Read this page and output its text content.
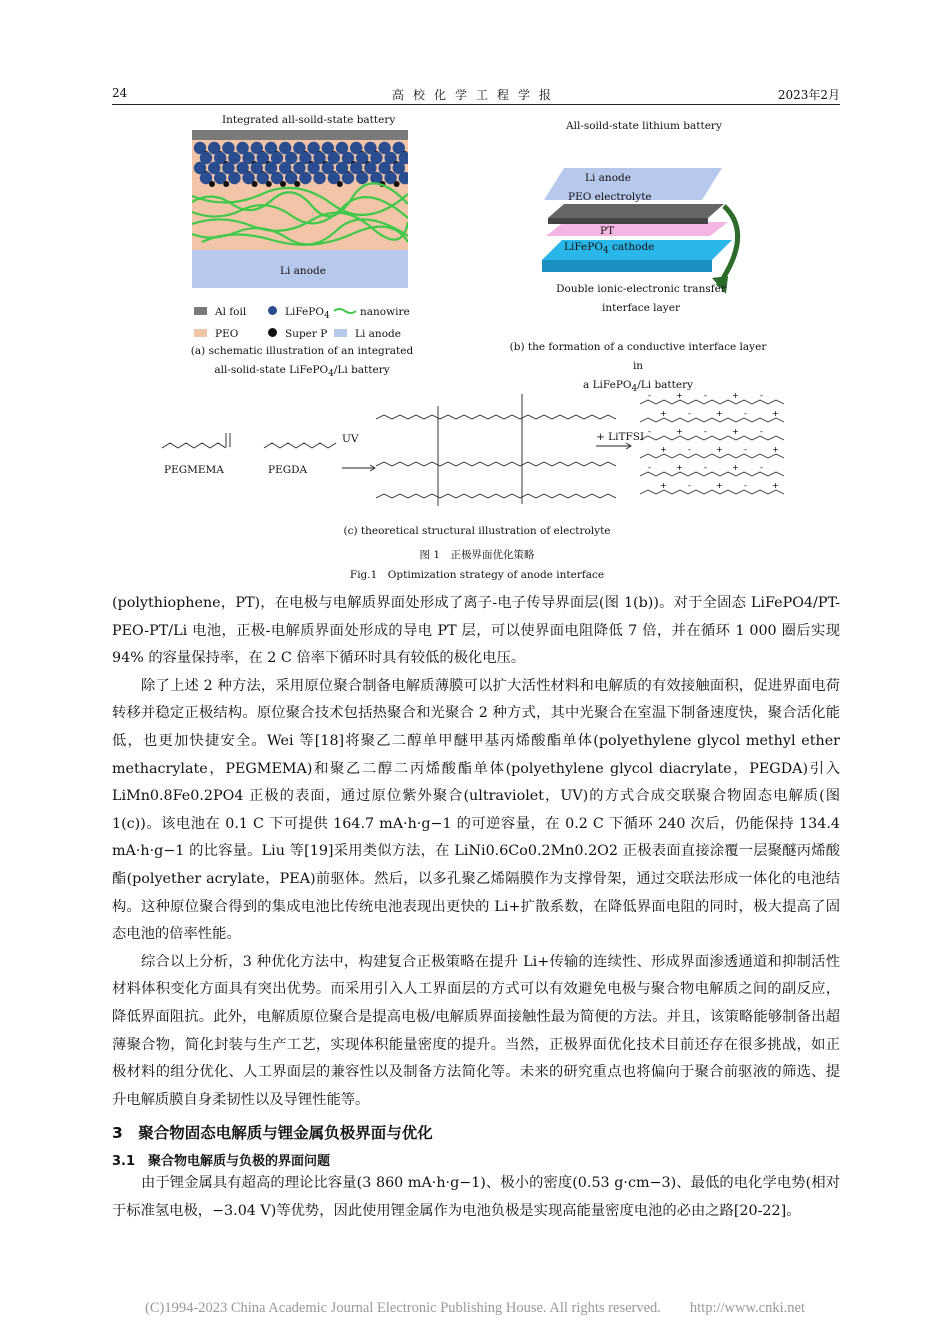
24	高校化学工程学报	2023年2月
Integrated all-soild-state battery
Li anode
Al foil	LiFePO$_4$	nanowire
PEO	Super P	Li anode
(a) schematic illustration of an integrated
all-solid-state LiFePO$_4$/Li battery
All-soild-state lithium battery
Li anode
PEO electrolyte
PT
LiFePO$_4$ cathode
Double ionic-electronic transfer
interface layer
(b) the formation of a conductive interface layer in
a LiFePO$_4$/Li battery
-	+	-	+	-
+	-	+	-	+
-	+	-	+	-
+	-	+	-	+
-	+	-	+	-
+	-	+	-	+
PEGMEMA	PEGDA
UV	+ LiTFSI
(c) theoretical structural illustration of electrolyte
图 1　正极界面优化策略
Fig.1　Optimization strategy of anode interface

(polythiophene，PT)，在电极与电解质界面处形成了离子-电子传导界面层(图 1(b))。对于全固态 LiFePO4/PT-PEO-PT/Li 电池，正极-电解质界面处形成的导电 PT 层，可以使界面电阻降低 7 倍，并在循环 1 000 圈后实现 94% 的容量保持率，在 2 C 倍率下循环时具有较低的极化电压。

除了上述 2 种方法，采用原位聚合制备电解质薄膜可以扩大活性材料和电解质的有效接触面积，促进界面电荷转移并稳定正极结构。原位聚合技术包括热聚合和光聚合 2 种方式，其中光聚合在室温下制备速度快，聚合活化能低，也更加快捷安全。Wei 等[18]将聚乙二醇单甲醚甲基丙烯酸酯单体(polyethylene glycol methyl ether methacrylate，PEGMEMA)和聚乙二醇二丙烯酸酯单体(polyethylene glycol diacrylate，PEGDA)引入 LiMn0.8Fe0.2PO4 正极的表面，通过原位紫外聚合(ultraviolet，UV)的方式合成交联聚合物固态电解质(图 1(c))。该电池在 0.1 C 下可提供 164.7 mA·h·g−1 的可逆容量，在 0.2 C 下循环 240 次后，仍能保持 134.4 mA·h·g−1 的比容量。Liu 等[19]采用类似方法，在 LiNi0.6Co0.2Mn0.2O2 正极表面直接涂覆一层聚醚丙烯酸酯(polyether acrylate，PEA)前驱体。然后，以多孔聚乙烯隔膜作为支撑骨架，通过交联法形成一体化的电池结构。这种原位聚合得到的集成电池比传统电池表现出更快的 Li+扩散系数，在降低界面电阻的同时，极大提高了固态电池的倍率性能。

综合以上分析，3 种优化方法中，构建复合正极策略在提升 Li+传输的连续性、形成界面渗透通道和抑制活性材料体积变化方面具有突出优势。而采用引入人工界面层的方式可以有效避免电极与聚合物电解质之间的副反应，降低界面阻抗。此外，电解质原位聚合是提高电极/电解质界面接触性最为简便的方法。并且，该策略能够制备出超薄聚合物，简化封装与生产工艺，实现体积能量密度的提升。当然，正极界面优化技术目前还存在很多挑战，如正极材料的组分优化、人工界面层的兼容性以及制备方法简化等。未来的研究重点也将偏向于聚合前驱液的筛选、提升电解质膜自身柔韧性以及导锂性能等。

3　聚合物固态电解质与锂金属负极界面与优化
3.1　聚合物电解质与负极的界面问题

由于锂金属具有超高的理论比容量(3 860 mA·h·g−1)、极小的密度(0.53 g·cm−3)、最低的电化学电势(相对于标准氢电极，−3.04 V)等优势，因此使用锂金属作为电池负极是实现高能量密度电池的必由之路[20-22]。

(C)1994-2023 China Academic Journal Electronic Publishing House. All rights reserved.　　http://www.cnki.net
